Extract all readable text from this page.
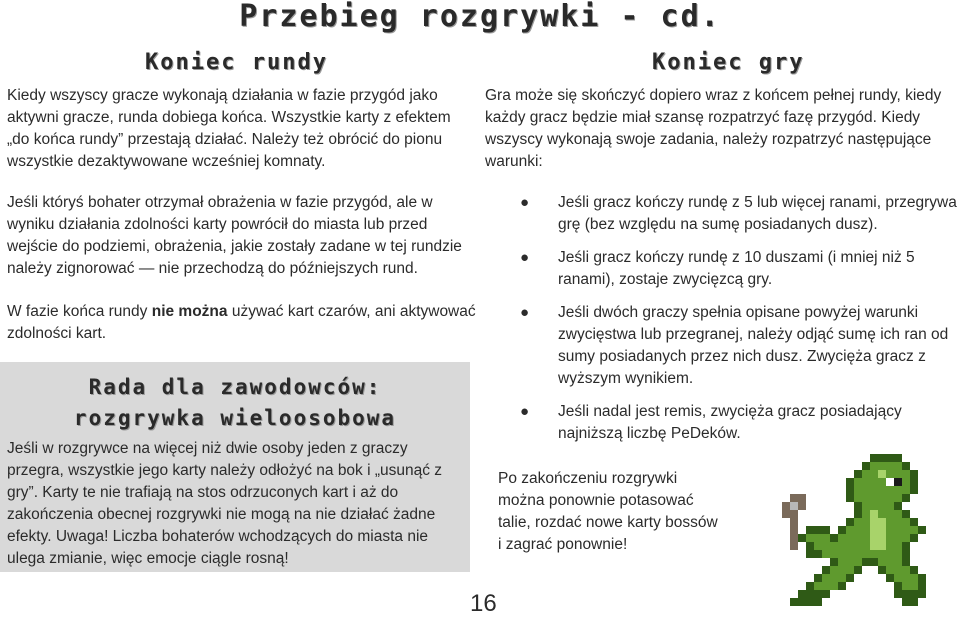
Przebieg rozgrywki - cd.
Koniec rundy

Kiedy wszyscy gracze wykonają działania w fazie przygód jako aktywni gracze, runda dobiega końca. Wszystkie karty z efektem „do końca rundy” przestają działać. Należy też obrócić do pionu wszystkie dezaktywowane wcześniej komnaty.

Jeśli któryś bohater otrzymał obrażenia w fazie przygód, ale w wyniku działania zdolności karty powrócił do miasta lub przed wejście do podziemi, obrażenia, jakie zostały zadane w tej rundzie należy zignorować — nie przechodzą do późniejszych rund.

W fazie końca rundy nie można używać kart czarów, ani aktywować zdolności kart.

Rada dla zawodowców:
rozgrywka wieloosobowa

Jeśli w rozgrywce na więcej niż dwie osoby jeden z graczy przegra, wszystkie jego karty należy odłożyć na bok i „usunąć z gry”. Karty te nie trafiają na stos odrzuconych kart i aż do zakończenia obecnej rozgrywki nie mogą na nie działać żadne efekty. Uwaga! Liczba bohaterów wchodzących do miasta nie ulega zmianie, więc emocje ciągle rosną!

Koniec gry

Gra może się skończyć dopiero wraz z końcem pełnej rundy, kiedy każdy gracz będzie miał szansę rozpatrzyć fazę przygód. Kiedy wszyscy wykonają swoje zadania, należy rozpatrzyć następujące warunki:

● Jeśli gracz kończy rundę z 5 lub więcej ranami, przegrywa grę (bez względu na sumę posiadanych dusz).
● Jeśli gracz kończy rundę z 10 duszami (i mniej niż 5 ranami), zostaje zwycięzcą gry.
● Jeśli dwóch graczy spełnia opisane powyżej warunki zwycięstwa lub przegranej, należy odjąć sumę ich ran od sumy posiadanych przez nich dusz. Zwycięża gracz z wyższym wynikiem.
● Jeśli nadal jest remis, zwycięża gracz posiadający najniższą liczbę PeDeków.

Po zakończeniu rozgrywki można ponownie potasować talie, rozdać nowe karty bossów i zagrać ponownie!

16
